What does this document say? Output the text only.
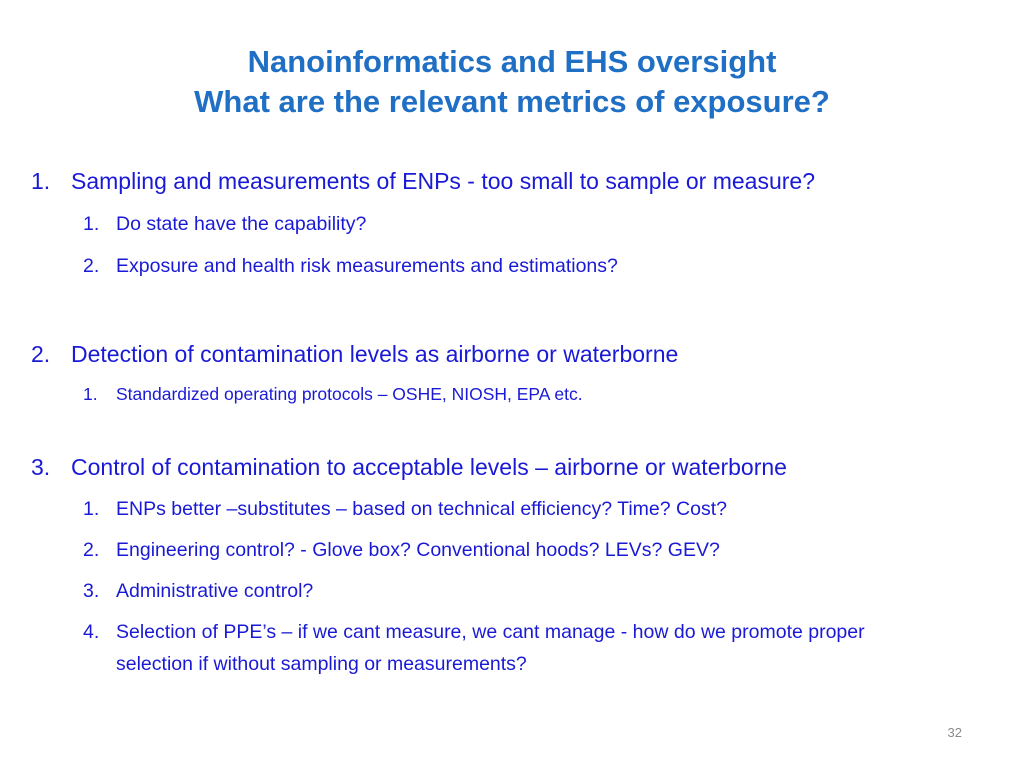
Nanoinformatics and EHS oversight
What are the relevant metrics of exposure?
1. Sampling and measurements of ENPs - too small to sample or measure?
1. Do state have the capability?
2. Exposure and health risk measurements and estimations?
2. Detection of contamination levels as airborne or waterborne
1. Standardized operating protocols – OSHE, NIOSH, EPA etc.
3. Control of contamination to acceptable levels – airborne or waterborne
1. ENPs better –substitutes – based on technical efficiency? Time? Cost?
2. Engineering control? - Glove box? Conventional hoods? LEVs? GEV?
3. Administrative control?
4. Selection of PPE’s – if we cant measure, we cant manage - how do we promote proper selection if without sampling or measurements?
32
